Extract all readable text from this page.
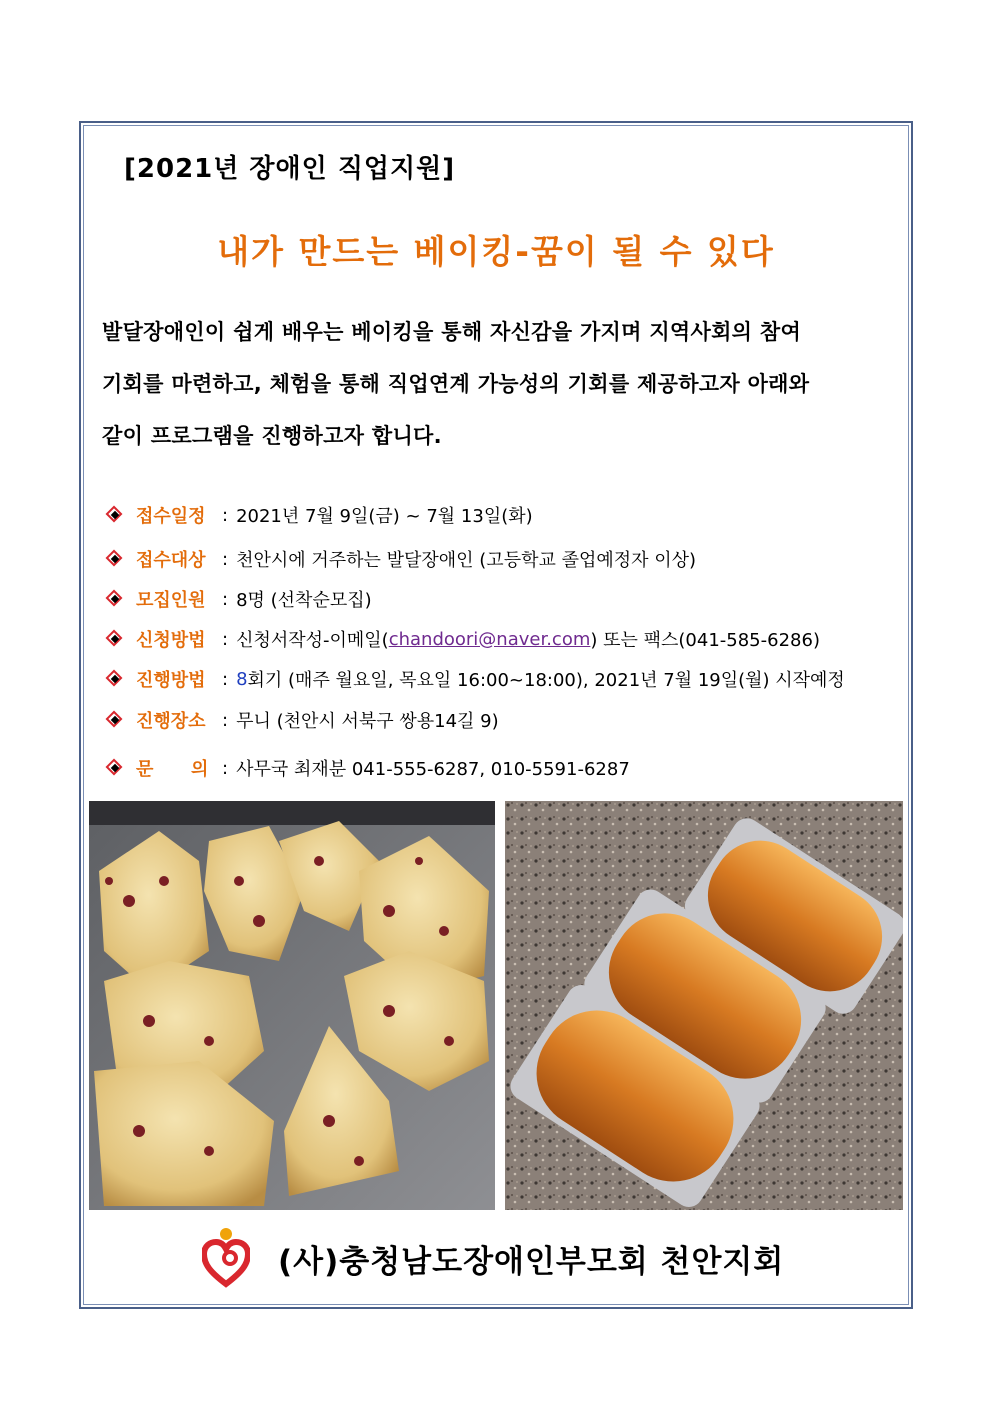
[2021년 장애인 직업지원]
내가 만드는 베이킹-꿈이 될 수 있다
발달장애인이 쉽게 배우는 베이킹을 통해 자신감을 가지며 지역사회의 참여
기회를 마련하고, 체험을 통해 직업연계 가능성의 기회를 제공하고자 아래와
같이 프로그램을 진행하고자 합니다.
접수일정 : 2021년 7월 9일(금) ~ 7월 13일(화)
접수대상 : 천안시에 거주하는 발달장애인 (고등학교 졸업예정자 이상)
모집인원 : 8명 (선착순모집)
신청방법 : 신청서작성-이메일( chandoori@naver.com ) 또는 팩스(041-585-6286)
진행방법 : 8 회기 (매주 월요일, 목요일 16:00~18:00), 2021년 7월 19일(월) 시작예정
진행장소 : 무니 (천안시 서북구 쌍용14길 9)
문      의 : 사무국 최재분 041-555-6287, 010-5591-6287
(사)충청남도장애인부모회 천안지회
